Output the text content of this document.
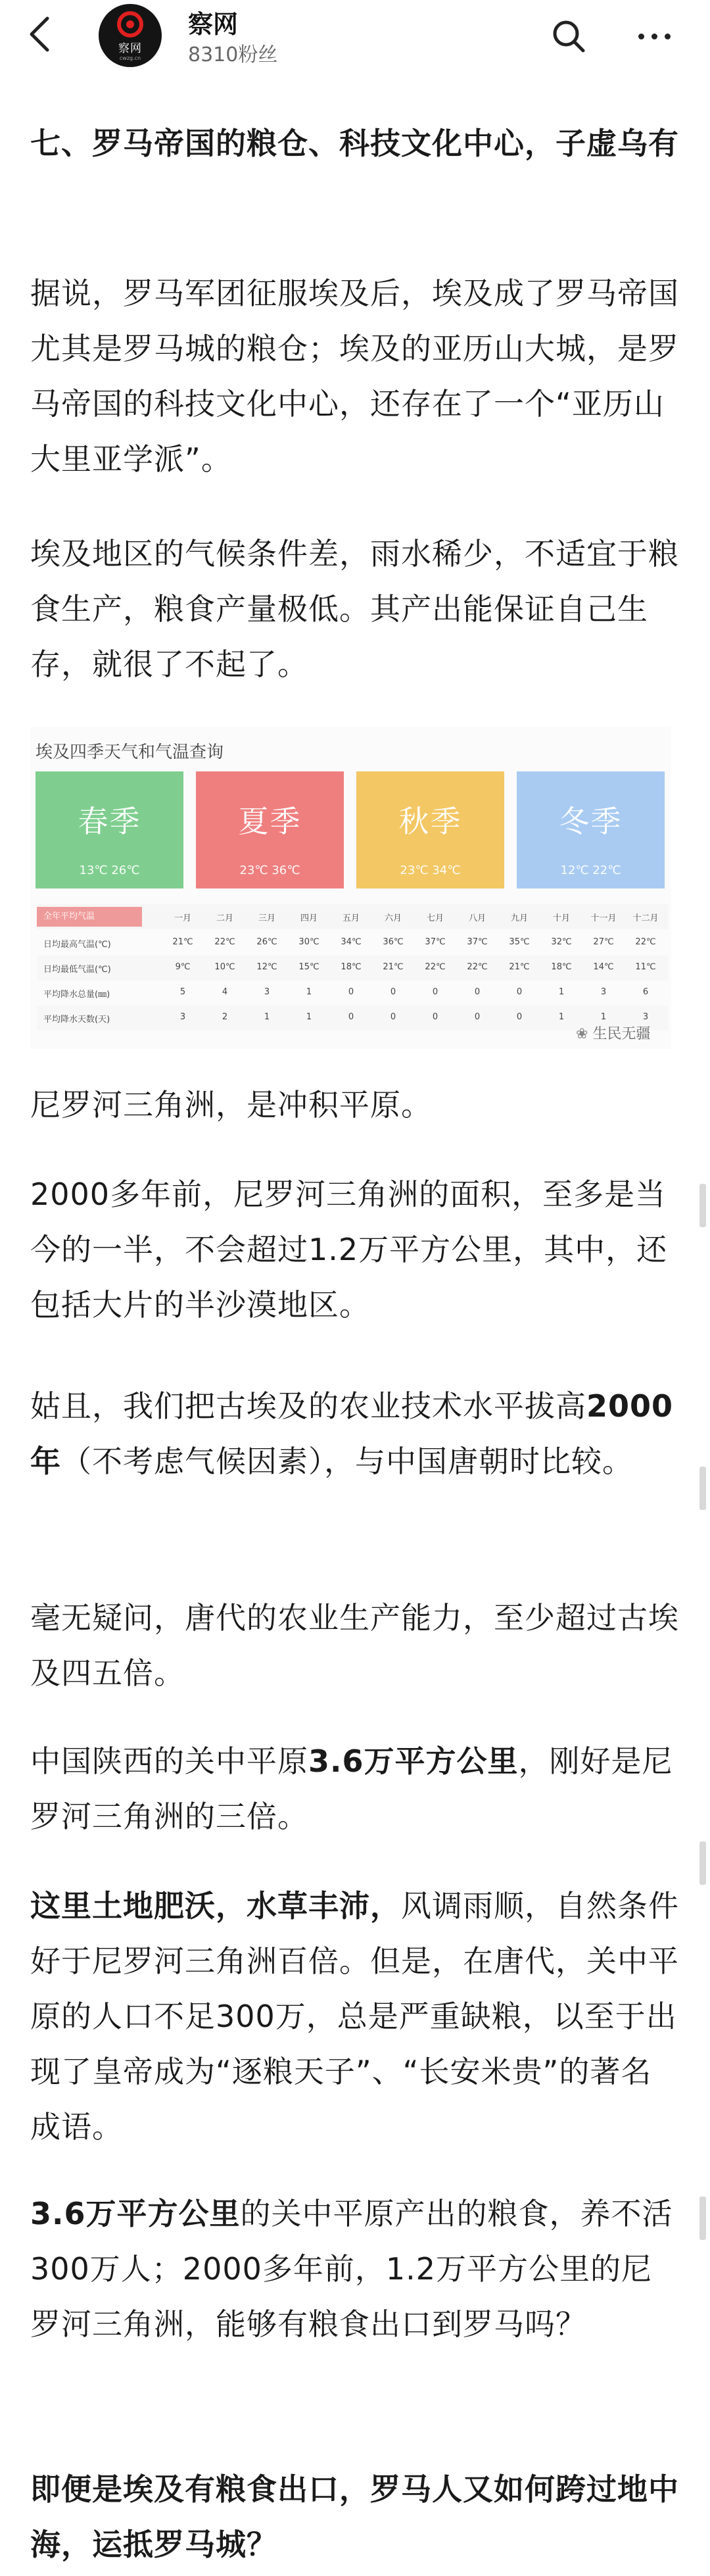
察网
cwzg.cn
察网
8310粉丝

七、罗马帝国的粮仓、科技文化中心，子虚乌有

据说，罗马军团征服埃及后，埃及成了罗马帝国尤其是罗马城的粮仓；埃及的亚历山大城，是罗马帝国的科技文化中心，还存在了一个“亚历山大里亚学派”。

埃及地区的气候条件差，雨水稀少，不适宜于粮食生产，粮食产量极低。其产出能保证自己生存，就很了不起了。

尼罗河三角洲，是冲积平原。

2000多年前，尼罗河三角洲的面积，至多是当今的一半，不会超过1.2万平方公里，其中，还包括大片的半沙漠地区。

姑且，我们把古埃及的农业技术水平拔高2000年（不考虑气候因素），与中国唐朝时比较。

毫无疑问，唐代的农业生产能力，至少超过古埃及四五倍。

中国陕西的关中平原3.6万平方公里，刚好是尼罗河三角洲的三倍。

这里土地肥沃，水草丰沛，风调雨顺，自然条件好于尼罗河三角洲百倍。但是，在唐代，关中平原的人口不足300万，总是严重缺粮，以至于出现了皇帝成为“逐粮天子”、“长安米贵”的著名成语。

3.6万平方公里的关中平原产出的粮食，养不活300万人；2000多年前，1.2万平方公里的尼罗河三角洲，能够有粮食出口到罗马吗？

即便是埃及有粮食出口，罗马人又如何跨过地中海，运抵罗马城？

埃及四季天气和气温查询
春季
13℃ 26℃
夏季
23℃ 36℃
秋季
23℃ 34℃
冬季
12℃ 22℃
全年平均气温	一月	二月	三月	四月	五月	六月	七月	八月	九月	十月	十一月	十二月
日均最高气温(℃)	21℃	22℃	26℃	30℃	34℃	36℃	37℃	37℃	35℃	32℃	27℃	22℃
日均最低气温(℃)	9℃	10℃	12℃	15℃	18℃	21℃	22℃	22℃	21℃	18℃	14℃	11℃
平均降水总量(㎜)	5	4	3	1	0	0	0	0	0	1	3	6
平均降水天数(天)	3	2	1	1	0	0	0	0	0	1	1	3
❀ 生民无疆
